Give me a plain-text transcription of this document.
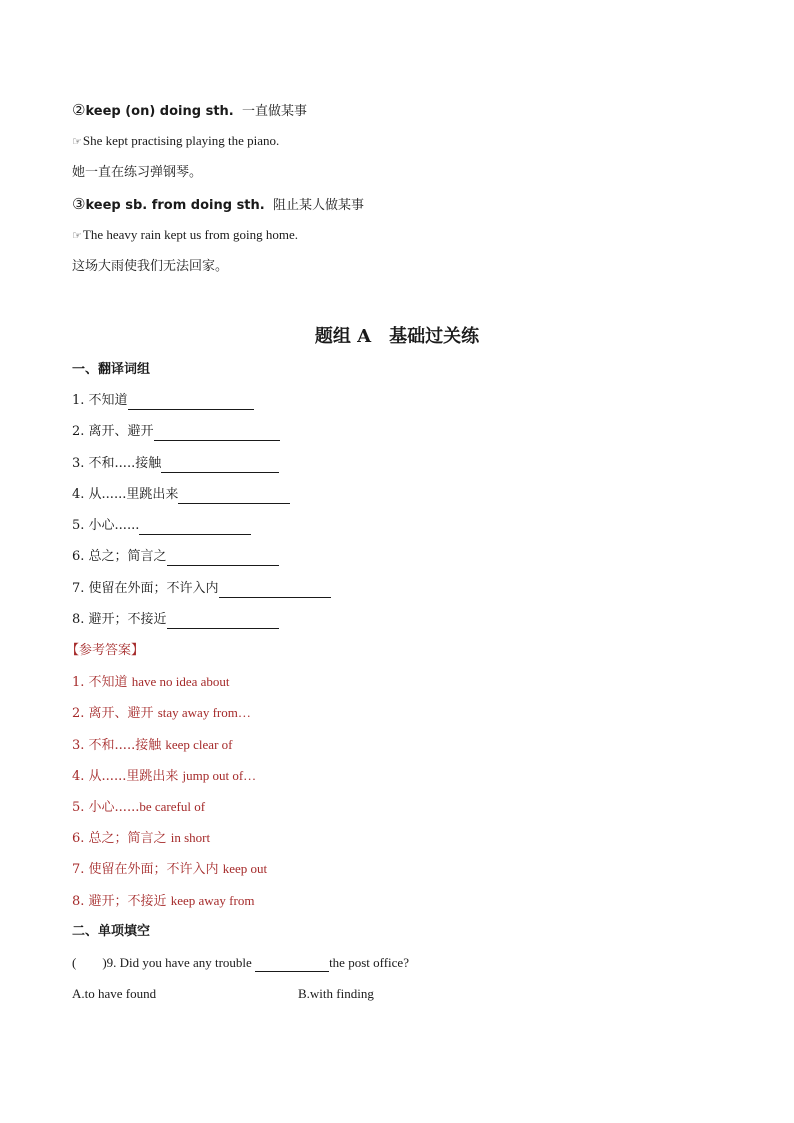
②keep (on) doing sth. 一直做某事
☞She kept practising playing the piano.
她一直在练习弹钢琴。
③keep sb. from doing sth. 阻止某人做某事
☞The heavy rain kept us from going home.
这场大雨使我们无法回家。
题组 A　基础过关练
一、翻译词组
1. 不知道
2. 离开、避开
3. 不和.....接触
4. 从......里跳出来
5. 小心......
6. 总之；简言之
7. 使留在外面；不许入内
8. 避开；不接近
【参考答案】
1. 不知道 have no idea about
2. 离开、避开 stay away from…
3. 不和.....接触 keep clear of
4. 从......里跳出来 jump out of…
5. 小心......be careful of
6. 总之；简言之 in short
7. 使留在外面；不许入内 keep out
8. 避开；不接近 keep away from
二、单项填空
(　　)9. Did you have any trouble	the post office?
A.to have found	B.with finding
